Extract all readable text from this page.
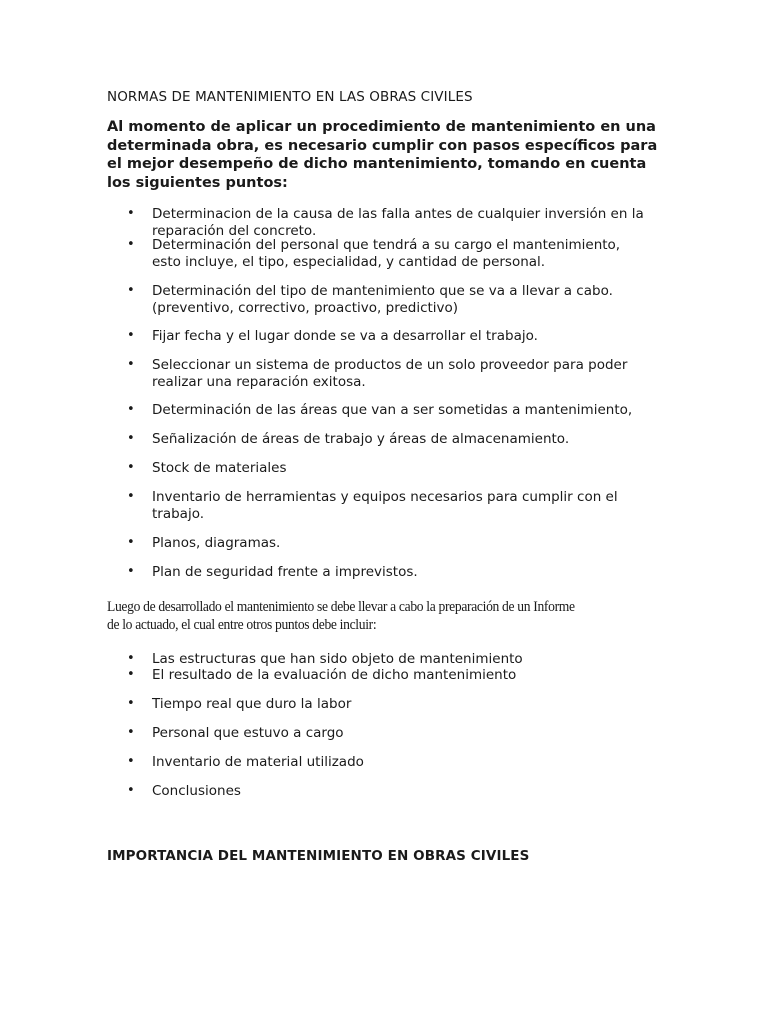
NORMAS DE MANTENIMIENTO EN LAS OBRAS CIVILES

Al momento de aplicar un procedimiento de mantenimiento en una determinada obra, es necesario cumplir con pasos específicos para el mejor desempeño de dicho mantenimiento, tomando en cuenta los siguientes puntos:

• Determinacion de la causa de las falla antes de cualquier inversión en la
reparación del concreto.
• Determinación del personal que tendrá a su cargo el mantenimiento,
esto incluye, el tipo, especialidad, y cantidad de personal.
• Determinación del tipo de mantenimiento que se va a llevar a cabo.
(preventivo, correctivo, proactivo, predictivo)
• Fijar fecha y el lugar donde se va a desarrollar el trabajo.
• Seleccionar un sistema de productos de un solo proveedor para poder
realizar una reparación exitosa.
• Determinación de las áreas que van a ser sometidas a mantenimiento,
• Señalización de áreas de trabajo y áreas de almacenamiento.
• Stock de materiales
• Inventario de herramientas y equipos necesarios para cumplir con el
trabajo.
• Planos, diagramas.
• Plan de seguridad frente a imprevistos.

Luego de desarrollado el mantenimiento se debe llevar a cabo la preparación de un Informe
de lo actuado, el cual entre otros puntos debe incluir:

• Las estructuras que han sido objeto de mantenimiento
• El resultado de la evaluación de dicho mantenimiento
• Tiempo real que duro la labor
• Personal que estuvo a cargo
• Inventario de material utilizado
• Conclusiones
IMPORTANCIA DEL MANTENIMIENTO EN OBRAS CIVILES
